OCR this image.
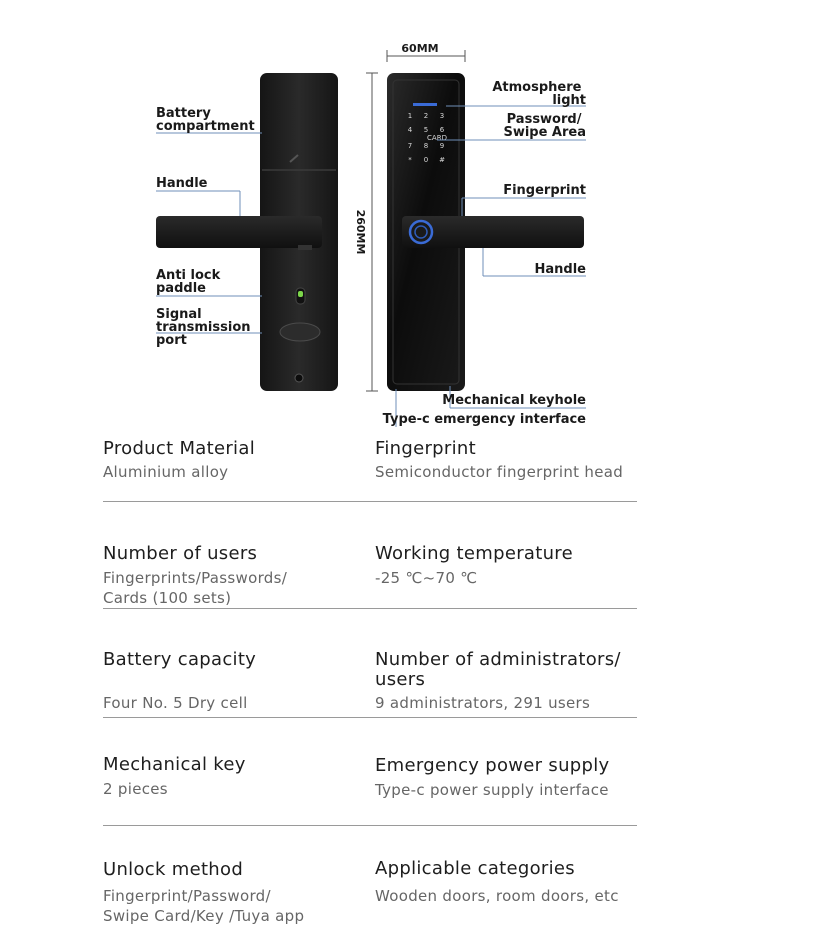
1 2 3
4 5 6
7 8 9
* 0 #
CARD
60MM
260MM
Battery compartment
Handle
Anti lock paddle
Signal transmission port
Atmosphere light
Password/ Swipe Area
Fingerprint
Handle
Mechanical keyhole
Type-c emergency interface
Product Material
Aluminium alloy
Fingerprint
Semiconductor fingerprint head
Number of users
Fingerprints/Passwords/
Cards (100 sets)
Working temperature
-25 ℃~70 ℃
Battery capacity
Four No. 5 Dry cell
Number of administrators/
users
9 administrators, 291 users
Mechanical key
2 pieces
Emergency power supply
Type-c power supply interface
Unlock method
Fingerprint/Password/
Swipe Card/Key /Tuya app
Applicable categories
Wooden doors, room doors, etc
